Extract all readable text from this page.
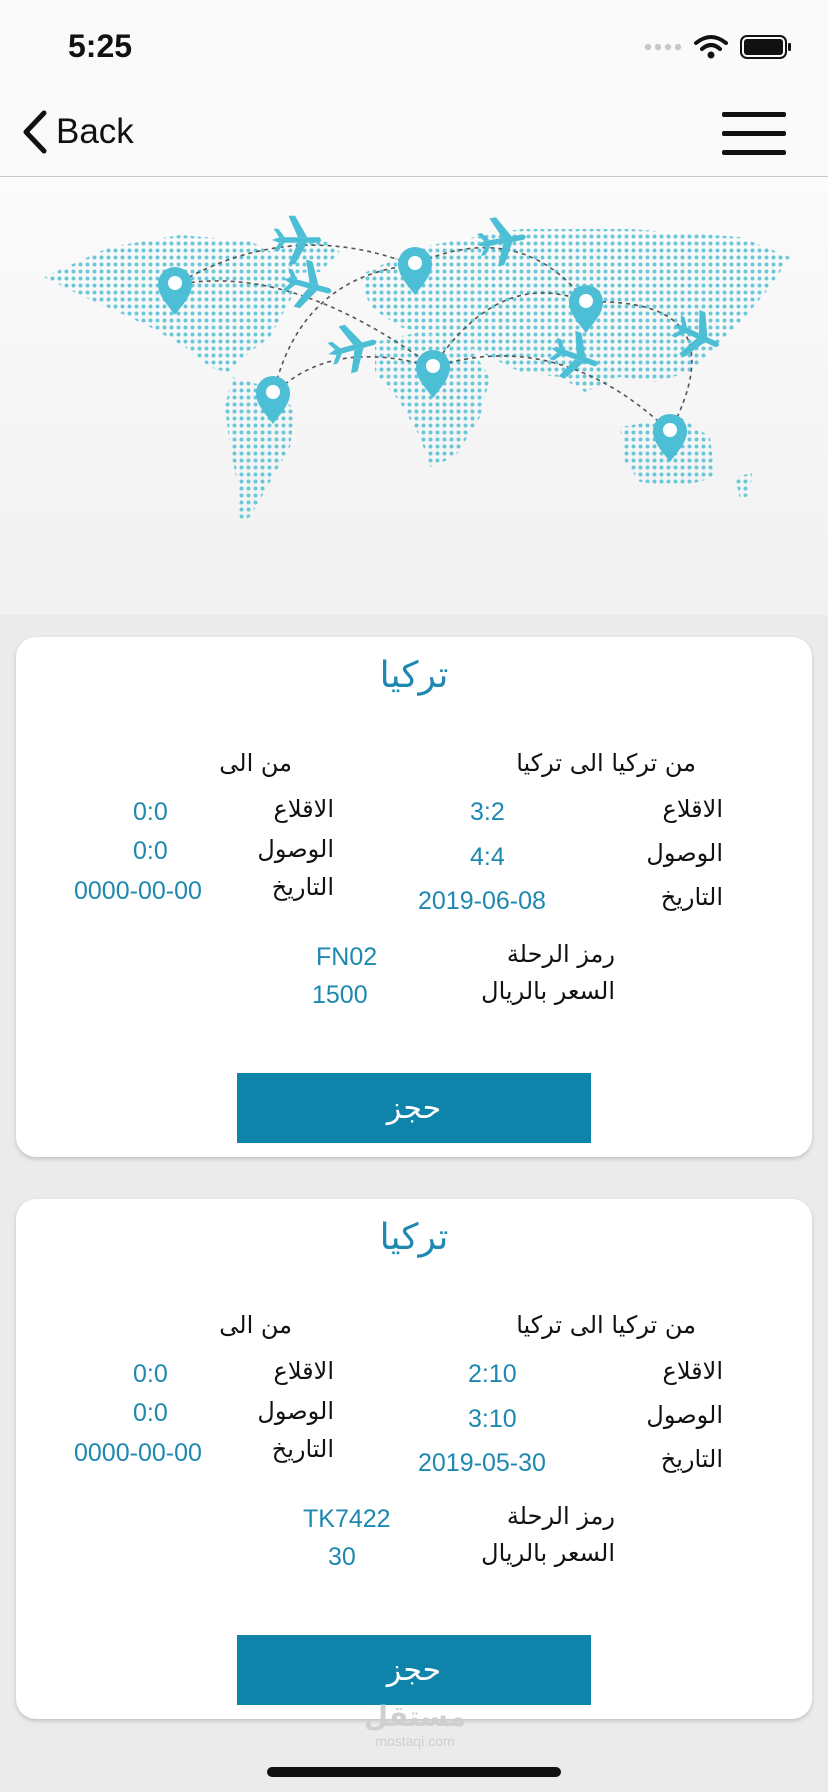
5:25
Back
تركيا
من تركيا الى تركيا
من الى
الاقلاع
3:2
الوصول
4:4
التاريخ
2019-06-08
الاقلاع
0:0
الوصول
0:0
التاريخ
0000-00-00
رمز الرحلة
FN02
السعر بالريال
1500
حجز
تركيا
من تركيا الى تركيا
من الى
الاقلاع
2:10
الوصول
3:10
التاريخ
2019-05-30
الاقلاع
0:0
الوصول
0:0
التاريخ
0000-00-00
رمز الرحلة
TK7422
السعر بالريال
30
حجز
مستقل
mostaqi.com
